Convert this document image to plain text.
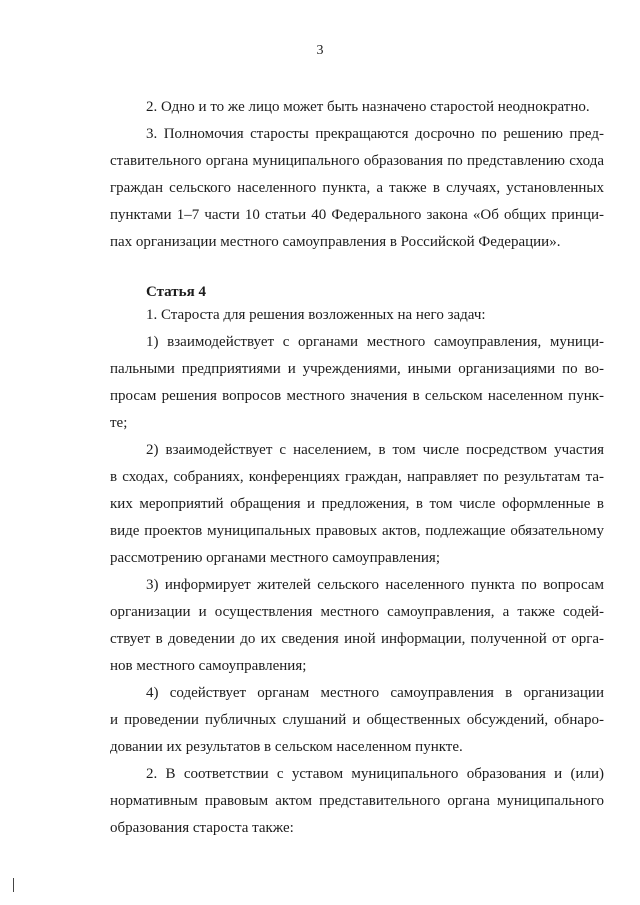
3
2. Одно и то же лицо может быть назначено старостой неоднократно.
3. Полномочия старосты прекращаются досрочно по решению пред-
ставительного органа муниципального образования по представлению схода
граждан сельского населенного пункта, а также в случаях, установленных
пунктами 1–7 части 10 статьи 40 Федерального закона «Об общих принци-
пах организации местного самоуправления в Российской Федерации».
Статья 4
1. Староста для решения возложенных на него задач:
1) взаимодействует с органами местного самоуправления, муници-
пальными предприятиями и учреждениями, иными организациями по во-
просам решения вопросов местного значения в сельском населенном пунк-
те;
2) взаимодействует с населением, в том числе посредством участия
в сходах, собраниях, конференциях граждан, направляет по результатам та-
ких мероприятий обращения и предложения, в том числе оформленные в
виде проектов муниципальных правовых актов, подлежащие обязательному
рассмотрению органами местного самоуправления;
3) информирует жителей сельского населенного пункта по вопросам
организации и осуществления местного самоуправления, а также содей-
ствует в доведении до их сведения иной информации, полученной от орга-
нов местного самоуправления;
4) содействует органам местного самоуправления в организации
и проведении публичных слушаний и общественных обсуждений, обнаро-
довании их результатов в сельском населенном пункте.
2. В соответствии с уставом муниципального образования и (или)
нормативным правовым актом представительного органа муниципального
образования староста также:
